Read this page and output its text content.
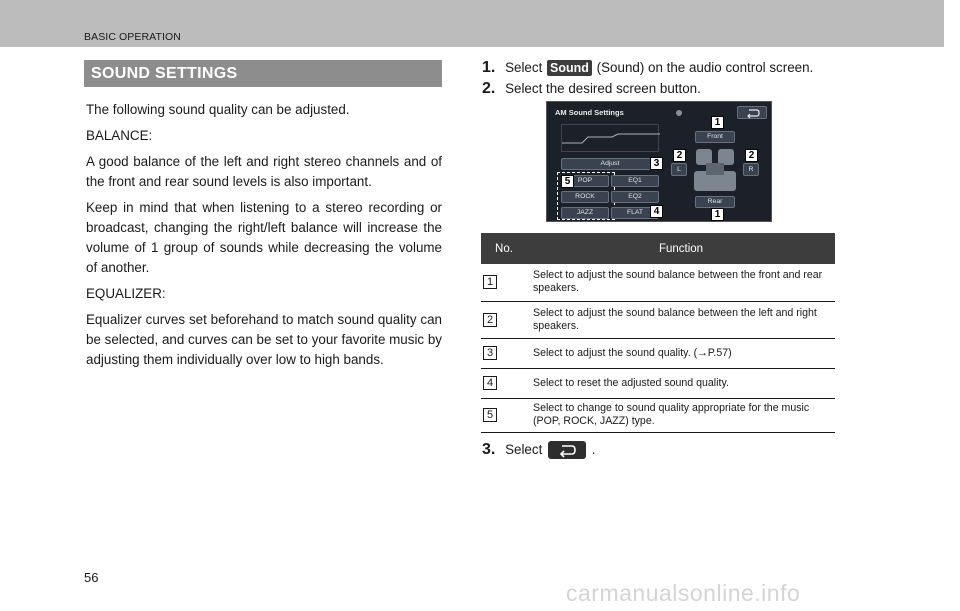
BASIC OPERATION
SOUND SETTINGS

The following sound quality can be adjusted.

BALANCE:

A good balance of the left and right stereo channels and of the front and rear sound levels is also important.

Keep in mind that when listening to a stereo recording or broadcast, changing the right/left balance will increase the volume of 1 group of sounds while decreasing the volume of another.

EQUALIZER:

Equalizer curves set beforehand to match sound quality can be selected, and curves can be set to your favorite music by adjusting them individually over low to high bands.

1. Select Sound (Sound) on the audio control screen.
2. Select the desired screen button.
AM Sound Settings
Adjust
POP
ROCK
JAZZ
EQ1
EQ2
FLAT
Front
Rear
L	R
1
2	2
3
5
4	1
No.	Function
1	Select to adjust the sound balance between the front and rear speakers.
2	Select to adjust the sound balance between the left and right speakers.
3	Select to adjust the sound quality. (→P.57)
4	Select to reset the adjusted sound quality.
5	Select to change to sound quality appropriate for the music (POP, ROCK, JAZZ) type.
3. Select	.
56
carmanualsonline.info
